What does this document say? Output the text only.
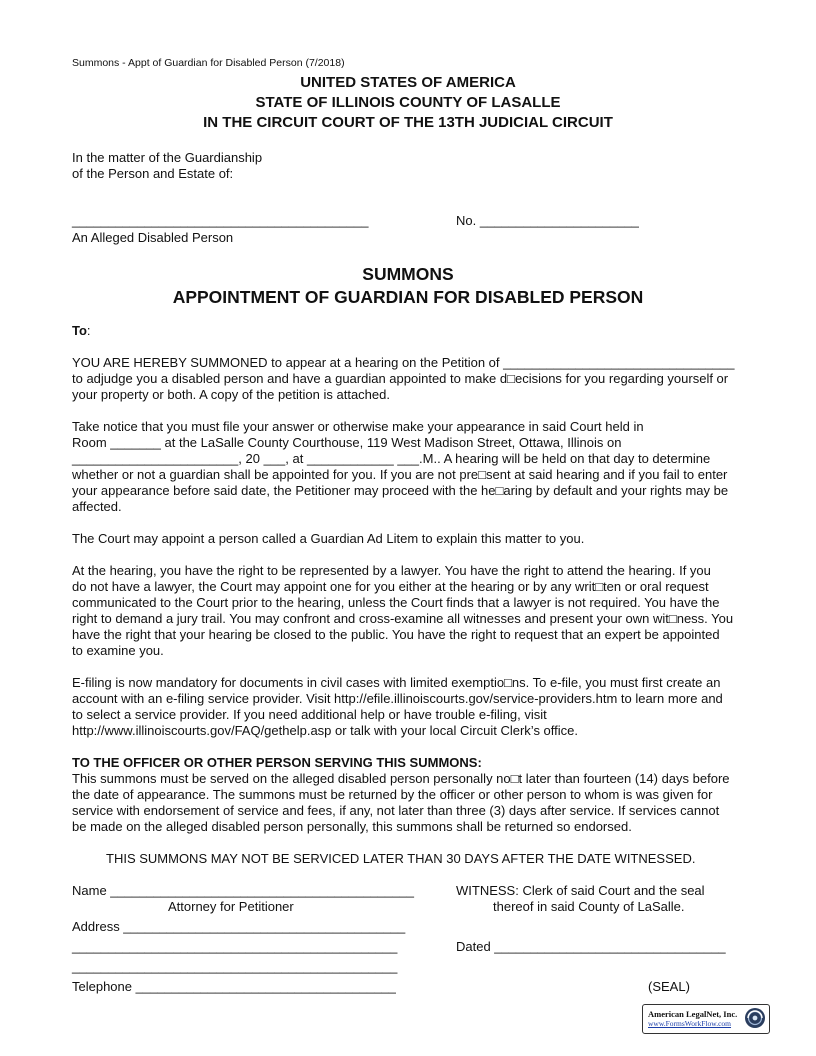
Summons - Appt of Guardian for Disabled Person (7/2018)
UNITED STATES OF AMERICA
STATE OF ILLINOIS COUNTY OF LASALLE
IN THE CIRCUIT COURT OF THE 13TH JUDICIAL CIRCUIT
In the matter of the Guardianship
of the Person and Estate of:
_________________________________________	No. ______________________
An Alleged Disabled Person
SUMMONS
APPOINTMENT OF GUARDIAN FOR DISABLED PERSON
To:
YOU ARE HEREBY SUMMONED to appear at a hearing on the Petition of ________________________________
to adjudge you a disabled person and have a guardian appointed to make d□ecisions for you regarding yourself or
your property or both. A copy of the petition is attached.
Take notice that you must file your answer or otherwise make your appearance in said Court held in
Room _______ at the LaSalle County Courthouse, 119 West Madison Street, Ottawa, Illinois on
_______________________, 20 ___, at ____________ ___.M.. A hearing will be held on that day to determine
whether or not a guardian shall be appointed for you. If you are not pre□sent at said hearing and if you fail to enter
your appearance before said date, the Petitioner may proceed with the he□aring by default and your rights may be
affected.
The Court may appoint a person called a Guardian Ad Litem to explain this matter to you.
At the hearing, you have the right to be represented by a lawyer. You have the right to attend the hearing. If you
do not have a lawyer, the Court may appoint one for you either at the hearing or by any writ□ten or oral request
communicated to the Court prior to the hearing, unless the Court finds that a lawyer is not required. You have the
right to demand a jury trail. You may confront and cross-examine all witnesses and present your own wit□ness. You
have the right that your hearing be closed to the public. You have the right to request that an expert be appointed
to examine you.
E-filing is now mandatory for documents in civil cases with limited exemptio□ns. To e-file, you must first create an
account with an e-filing service provider. Visit http://efile.illinoiscourts.gov/service-providers.htm to learn more and
to select a service provider. If you need additional help or have trouble e-filing, visit
http://www.illinoiscourts.gov/FAQ/gethelp.asp or talk with your local Circuit Clerk’s office.
TO THE OFFICER OR OTHER PERSON SERVING THIS SUMMONS:
This summons must be served on the alleged disabled person personally no□t later than fourteen (14) days before
the date of appearance. The summons must be returned by the officer or other person to whom is was given for
service with endorsement of service and fees, if any, not later than three (3) days after service. If services cannot
be made on the alleged disabled person personally, this summons shall be returned so endorsed.
THIS SUMMONS MAY NOT BE SERVICED LATER THAN 30 DAYS AFTER THE DATE WITNESSED.
Name __________________________________________
Attorney for Petitioner
Address _______________________________________
_____________________________________________
_____________________________________________
Telephone ____________________________________
WITNESS: Clerk of said Court and the seal
thereof in said County of LaSalle.
Dated ________________________________
(SEAL)
American LegalNet, Inc.
www.FormsWorkFlow.com
